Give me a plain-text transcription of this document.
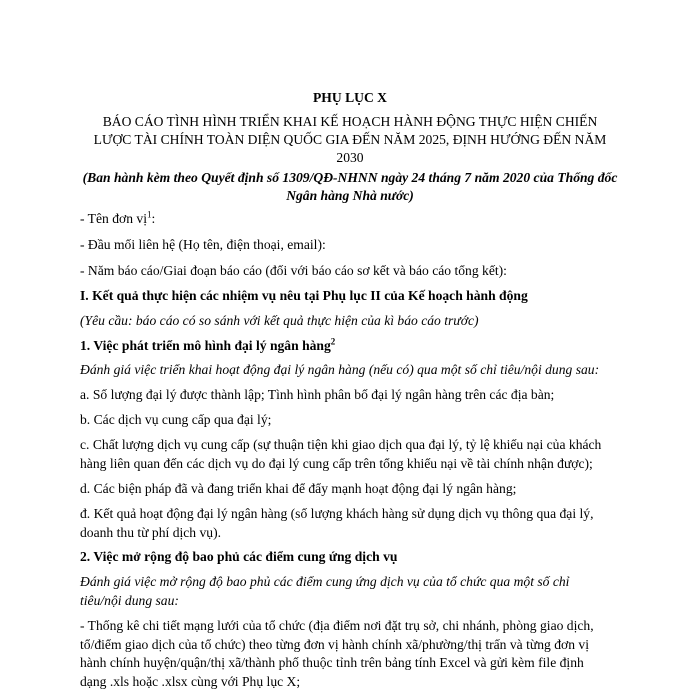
PHỤ LỤC X
BÁO CÁO TÌNH HÌNH TRIỂN KHAI KẾ HOẠCH HÀNH ĐỘNG THỰC HIỆN CHIẾN
LƯỢC TÀI CHÍNH TOÀN DIỆN QUỐC GIA ĐẾN NĂM 2025, ĐỊNH HƯỚNG ĐẾN NĂM
2030
(Ban hành kèm theo Quyết định số 1309/QĐ-NHNN ngày 24 tháng 7 năm 2020 của Thống đốc
Ngân hàng Nhà nước)
- Tên đơn vị$^1$:
- Đầu mối liên hệ (Họ tên, điện thoại, email):
- Năm báo cáo/Giai đoạn báo cáo (đối với báo cáo sơ kết và báo cáo tổng kết):
I. Kết quả thực hiện các nhiệm vụ nêu tại Phụ lục II của Kế hoạch hành động
(Yêu cầu: báo cáo có so sánh với kết quả thực hiện của kì báo cáo trước)
1. Việc phát triển mô hình đại lý ngân hàng$^2$
Đánh giá việc triển khai hoạt động đại lý ngân hàng (nếu có) qua một số chỉ tiêu/nội dung sau:
a. Số lượng đại lý được thành lập; Tình hình phân bố đại lý ngân hàng trên các địa bàn;
b. Các dịch vụ cung cấp qua đại lý;
c. Chất lượng dịch vụ cung cấp (sự thuận tiện khi giao dịch qua đại lý, tỷ lệ khiếu nại của khách
hàng liên quan đến các dịch vụ do đại lý cung cấp trên tổng khiếu nại về tài chính nhận được);
d. Các biện pháp đã và đang triển khai để đẩy mạnh hoạt động đại lý ngân hàng;
đ. Kết quả hoạt động đại lý ngân hàng (số lượng khách hàng sử dụng dịch vụ thông qua đại lý,
doanh thu từ phí dịch vụ).
2. Việc mở rộng độ bao phủ các điểm cung ứng dịch vụ
Đánh giá việc mở rộng độ bao phủ các điểm cung ứng dịch vụ của tổ chức qua một số chỉ
tiêu/nội dung sau:
- Thống kê chi tiết mạng lưới của tổ chức (địa điểm nơi đặt trụ sở, chi nhánh, phòng giao dịch,
tổ/điểm giao dịch của tổ chức) theo từng đơn vị hành chính xã/phường/thị trấn và từng đơn vị
hành chính huyện/quận/thị xã/thành phố thuộc tỉnh trên bảng tính Excel và gửi kèm file định
dạng .xls hoặc .xlsx cùng với Phụ lục X;
